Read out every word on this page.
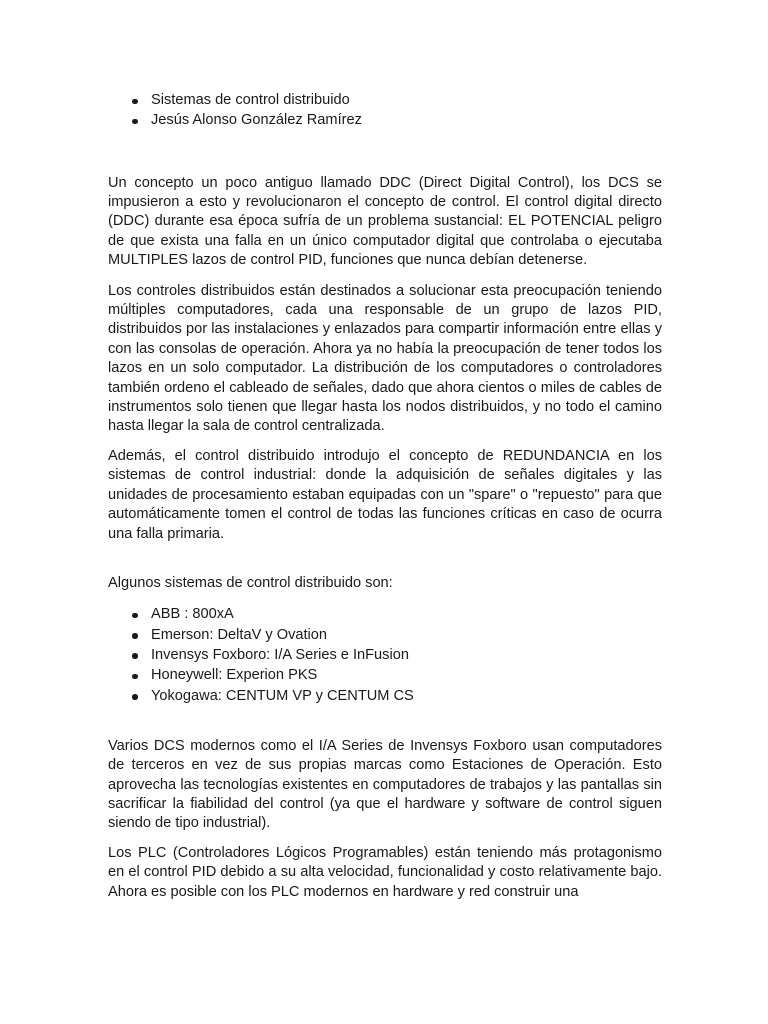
Sistemas de control distribuido
Jesús Alonso González Ramírez

Un concepto un poco antiguo llamado DDC (Direct Digital Control), los DCS se impusieron a esto y revolucionaron el concepto de control. El control digital directo (DDC) durante esa época sufría de un problema sustancial: EL POTENCIAL peligro de que exista una falla en un único computador digital que controlaba o ejecutaba MULTIPLES lazos de control PID, funciones que nunca debían detenerse.

Los controles distribuidos están destinados a solucionar esta preocupación teniendo múltiples computadores, cada una responsable de un grupo de lazos PID, distribuidos por las instalaciones y enlazados para compartir información entre ellas y con las consolas de operación. Ahora ya no había la preocupación de tener todos los lazos en un solo computador. La distribución de los computadores o controladores también ordeno el cableado de señales, dado que ahora cientos o miles de cables de instrumentos solo tienen que llegar hasta los nodos distribuidos, y no todo el camino hasta llegar la sala de control centralizada.

Además, el control distribuido introdujo el concepto de REDUNDANCIA en los sistemas de control industrial: donde la adquisición de señales digitales y las unidades de procesamiento estaban equipadas con un "spare" o "repuesto" para que automáticamente tomen el control de todas las funciones críticas en caso de ocurra una falla primaria.

Algunos sistemas de control distribuido son:

ABB : 800xA
Emerson: DeltaV y Ovation
Invensys Foxboro: I/A Series e InFusion
Honeywell: Experion PKS
Yokogawa: CENTUM VP y CENTUM CS

Varios DCS modernos como el I/A Series de Invensys Foxboro usan computadores de terceros en vez de sus propias marcas como Estaciones de Operación. Esto aprovecha las tecnologías existentes en computadores de trabajos y las pantallas sin sacrificar la fiabilidad del control (ya que el hardware y software de control siguen siendo de tipo industrial).

Los PLC (Controladores Lógicos Programables) están teniendo más protagonismo en el control PID debido a su alta velocidad, funcionalidad y costo relativamente bajo. Ahora es posible con los PLC modernos en hardware y red construir una
